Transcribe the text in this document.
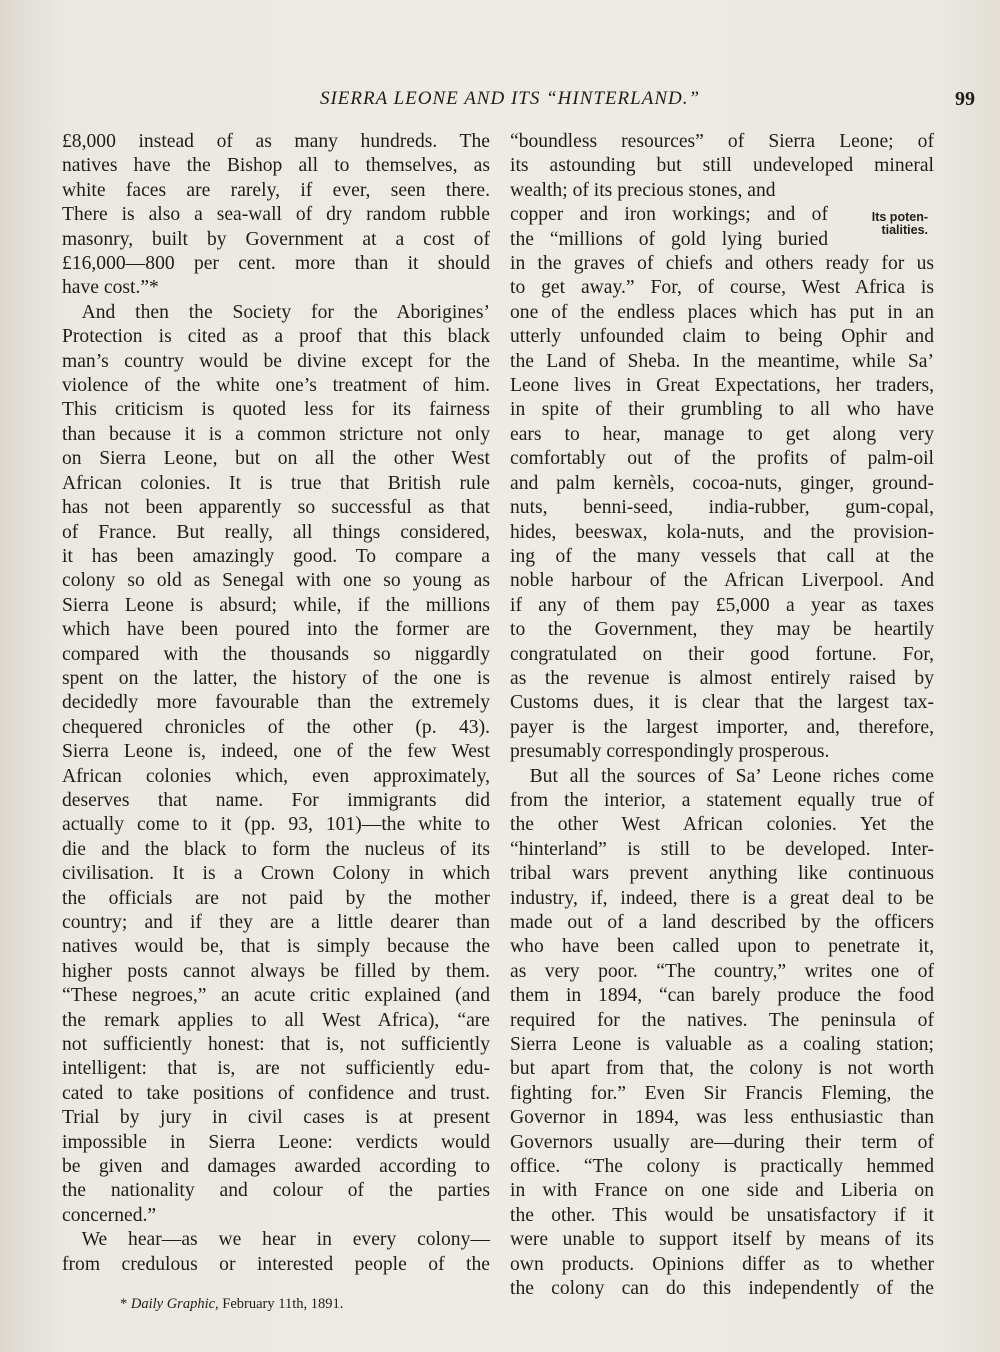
SIERRA LEONE AND ITS “HINTERLAND.”	99
£8,000 instead of as many hundreds. The
natives have the Bishop all to themselves, as
white faces are rarely, if ever, seen there.
There is also a sea-wall of dry random rubble
masonry, built by Government at a cost of
£16,000—800 per cent. more than it should
have cost.”*
 And then the Society for the Aborigines’
Protection is cited as a proof that this black
man’s country would be divine except for the
violence of the white one’s treatment of him.
This criticism is quoted less for its fairness
than because it is a common stricture not only
on Sierra Leone, but on all the other West
African colonies. It is true that British rule
has not been apparently so successful as that
of France. But really, all things considered,
it has been amazingly good. To compare a
colony so old as Senegal with one so young as
Sierra Leone is absurd; while, if the millions
which have been poured into the former are
compared with the thousands so niggardly
spent on the latter, the history of the one is
decidedly more favourable than the extremely
chequered chronicles of the other (p. 43).
Sierra Leone is, indeed, one of the few West
African colonies which, even approximately,
deserves that name. For immigrants did
actually come to it (pp. 93, 101)—the white to
die and the black to form the nucleus of its
civilisation. It is a Crown Colony in which
the officials are not paid by the mother
country; and if they are a little dearer than
natives would be, that is simply because the
higher posts cannot always be filled by them.
“These negroes,” an acute critic explained (and
the remark applies to all West Africa), “are
not sufficiently honest: that is, not sufficiently
intelligent: that is, are not sufficiently edu-
cated to take positions of confidence and trust.
Trial by jury in civil cases is at present
impossible in Sierra Leone: verdicts would
be given and damages awarded according to
the nationality and colour of the parties
concerned.”
 We hear—as we hear in every colony—
from credulous or interested people of the
“boundless resources” of Sierra Leone; of
its astounding but still undeveloped mineral
wealth; of its precious stones, and
copper and iron workings; and of
the “millions of gold lying buried
in the graves of chiefs and others ready for us
to get away.” For, of course, West Africa is
one of the endless places which has put in an
utterly unfounded claim to being Ophir and
the Land of Sheba. In the meantime, while Sa’
Leone lives in Great Expectations, her traders,
in spite of their grumbling to all who have
ears to hear, manage to get along very
comfortably out of the profits of palm-oil
and palm kernèls, cocoa-nuts, ginger, ground-
nuts, benni-seed, india-rubber, gum-copal,
hides, beeswax, kola-nuts, and the provision-
ing of the many vessels that call at the
noble harbour of the African Liverpool. And
if any of them pay £5,000 a year as taxes
to the Government, they may be heartily
congratulated on their good fortune. For,
as the revenue is almost entirely raised by
Customs dues, it is clear that the largest tax-
payer is the largest importer, and, therefore,
presumably correspondingly prosperous.
 But all the sources of Sa’ Leone riches come
from the interior, a statement equally true of
the other West African colonies. Yet the
“hinterland” is still to be developed. Inter-
tribal wars prevent anything like continuous
industry, if, indeed, there is a great deal to be
made out of a land described by the officers
who have been called upon to penetrate it,
as very poor. “The country,” writes one of
them in 1894, “can barely produce the food
required for the natives. The peninsula of
Sierra Leone is valuable as a coaling station;
but apart from that, the colony is not worth
fighting for.” Even Sir Francis Fleming, the
Governor in 1894, was less enthusiastic than
Governors usually are—during their term of
office. “The colony is practically hemmed
in with France on one side and Liberia on
the other. This would be unsatisfactory if it
were unable to support itself by means of its
own products. Opinions differ as to whether
the colony can do this independently of the
Its poten-
tialities.
* Daily Graphic, February 11th, 1891.
